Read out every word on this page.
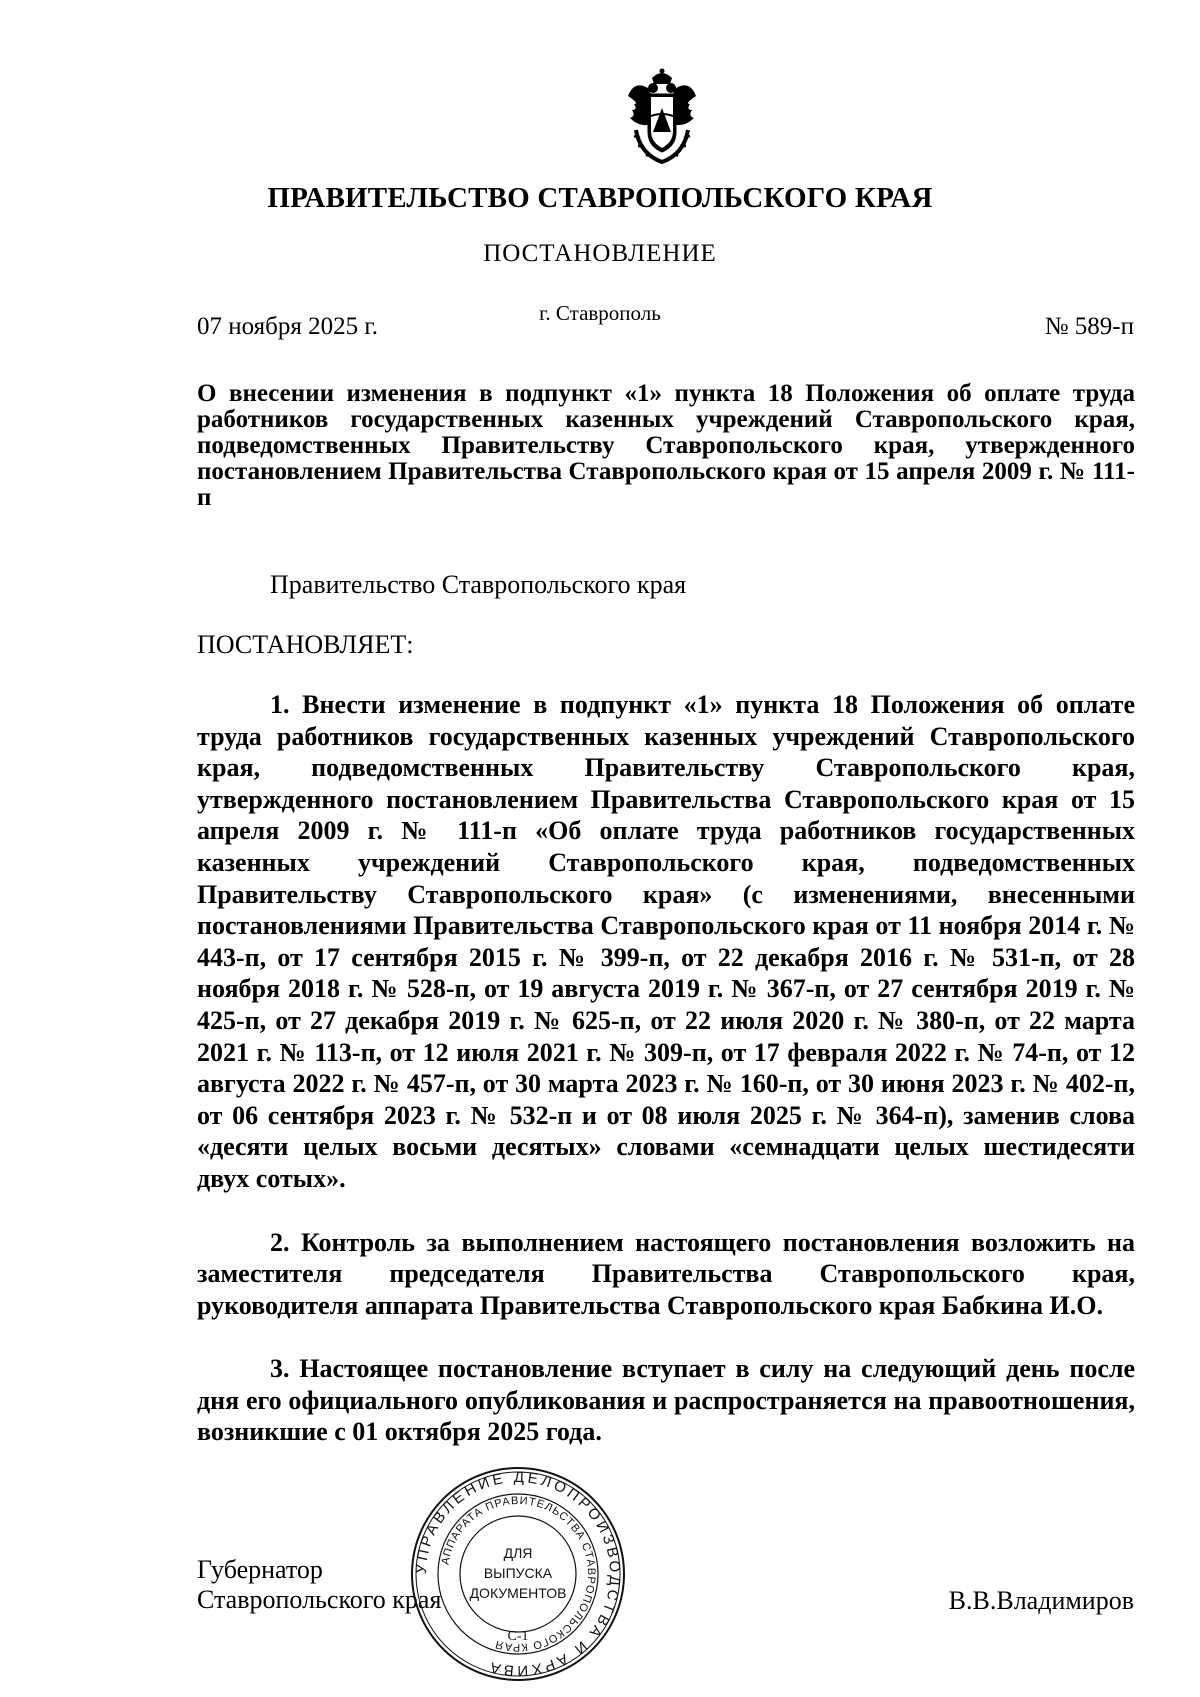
ПРАВИТЕЛЬСТВО СТАВРОПОЛЬСКОГО КРАЯ
ПОСТАНОВЛЕНИЕ
г. Ставрополь
07 ноября 2025 г.	№ 589-п
О внесении изменения в подпункт «1» пункта 18 Положения об оплате труда работников государственных казенных учреждений Ставропольского края, подведомственных Правительству Ставропольского края, утвержденного постановлением Правительства Ставропольского края от 15 апреля 2009 г. № 111-п
Правительство Ставропольского края
ПОСТАНОВЛЯЕТ:

1. Внести изменение в подпункт «1» пункта 18 Положения об оплате труда работников государственных казенных учреждений Ставропольского края, подведомственных Правительству Ставропольского края, утвержденного постановлением Правительства Ставропольского края от 15 апреля 2009 г. № 111-п «Об оплате труда работников государственных казенных учреждений Ставропольского края, подведомственных Правительству Ставропольского края» (с изменениями, внесенными постановлениями Правительства Ставропольского края от 11 ноября 2014 г. № 443-п, от 17 сентября 2015 г. № 399-п, от 22 декабря 2016 г. № 531-п, от 28 ноября 2018 г. № 528-п, от 19 августа 2019 г. № 367-п, от 27 сентября 2019 г. № 425-п, от 27 декабря 2019 г. № 625-п, от 22 июля 2020 г. № 380-п, от 22 марта 2021 г. № 113-п, от 12 июля 2021 г. № 309-п, от 17 февраля 2022 г. № 74-п, от 12 августа 2022 г. № 457-п, от 30 марта 2023 г. № 160-п, от 30 июня 2023 г. № 402-п, от 06 сентября 2023 г. № 532-п и от 08 июля 2025 г. № 364-п), заменив слова «десяти целых восьми десятых» словами «семнадцати целых шестидесяти двух сотых».

2. Контроль за выполнением настоящего постановления возложить на заместителя председателя Правительства Ставропольского края, руководителя аппарата Правительства Ставропольского края Бабкина И.О.

3. Настоящее постановление вступает в силу на следующий день после дня его официального опубликования и распространяется на правоотношения, возникшие с 01 октября 2025 года.

Губернатор
Ставропольского края	В.В.Владимиров
УПРАВЛЕНИЕ ДЕЛОПРОИЗВОДСТВА И АРХИВА
АППАРАТА ПРАВИТЕЛЬСТВА СТАВРОПОЛЬСКОГО КРАЯ
ДЛЯ
ВЫПУСКА
ДОКУМЕНТОВ
С-1
